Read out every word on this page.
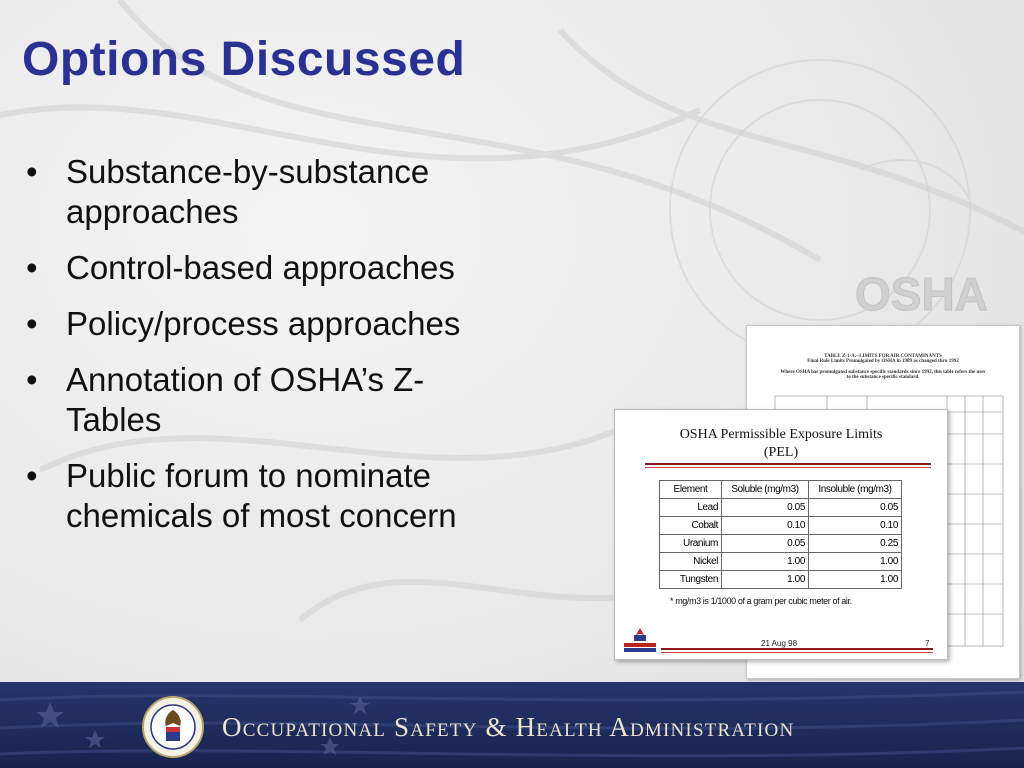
OSHA
Options Discussed
• Substance-by-substance
approaches
• Control-based approaches
• Policy/process approaches
• Annotation of OSHA’s Z-
Tables
• Public forum to nominate
chemicals of most concern
TABLE Z-1-A.--LIMITS FOR AIR CONTAMINANTS
Final Rule Limits Promulgated by OSHA in 1989 as changed thru 1992
Where OSHA has promulgated substance specific standards since 1992, this table refers the user
to the substance specific standard.
OSHA Permissible Exposure Limits
(PEL)
Element	Soluble (mg/m3)	Insoluble (mg/m3)
Lead	0.05	0.05
Cobalt	0.10	0.10
Uranium	0.05	0.25
Nickel	1.00	1.00
Tungsten	1.00	1.00
* mg/m3 is 1/1000 of a gram per cubic meter of air.
21 Aug 98	7
Occupational Safety & Health Administration
